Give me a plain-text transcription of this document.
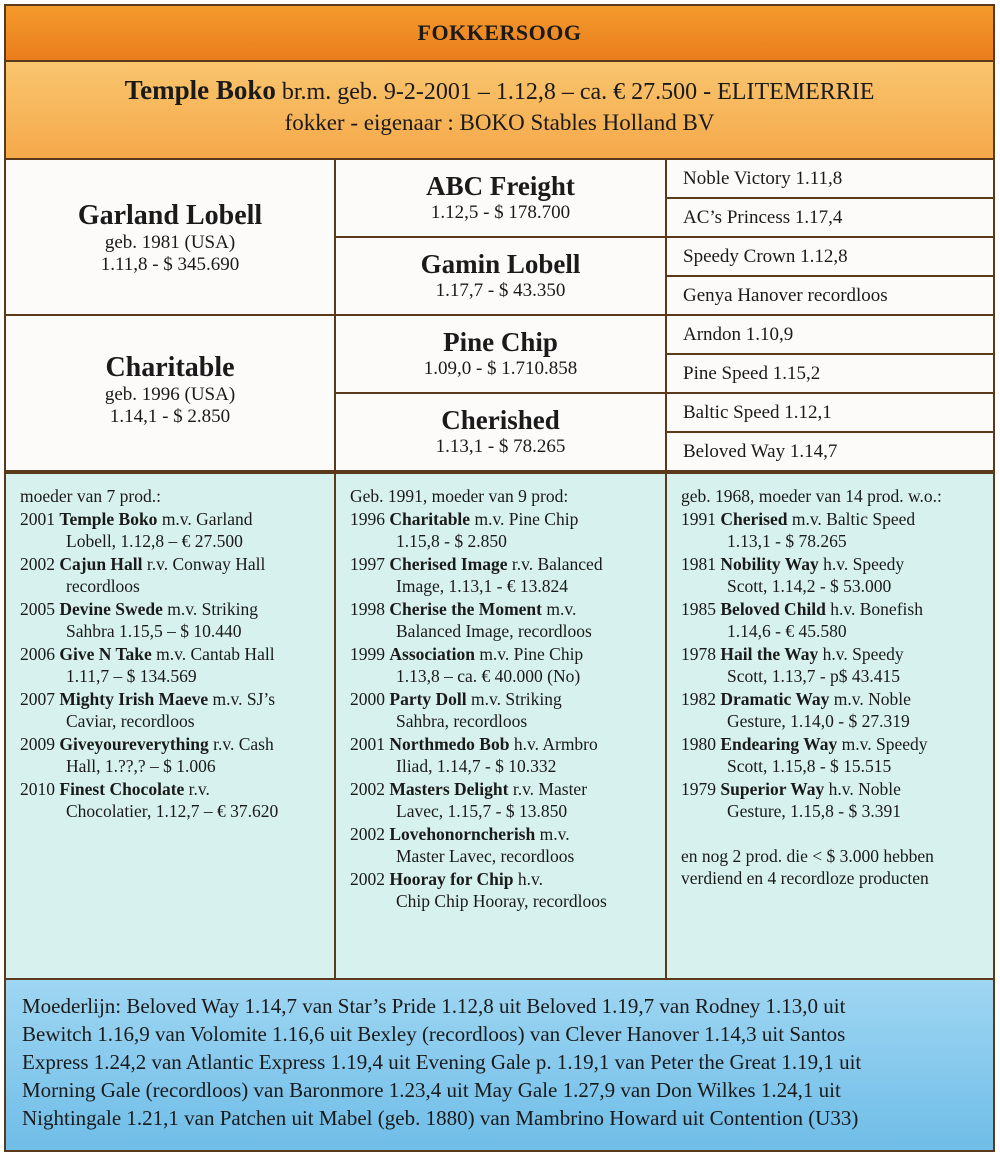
FOKKERSOOG
Temple Boko br.m. geb. 9-2-2001 – 1.12,8 – ca. € 27.500 - ELITEMERRIE
fokker - eigenaar : BOKO Stables Holland BV
Garland Lobell
geb. 1981 (USA)
1.11,8 - $ 345.690
Charitable
geb. 1996 (USA)
1.14,1 - $ 2.850
ABC Freight
1.12,5 - $ 178.700
Gamin Lobell
1.17,7 - $ 43.350
Pine Chip
1.09,0 - $ 1.710.858
Cherished
1.13,1 - $ 78.265
Noble Victory 1.11,8
AC’s Princess 1.17,4
Speedy Crown 1.12,8
Genya Hanover recordloos
Arndon 1.10,9
Pine Speed 1.15,2
Baltic Speed 1.12,1
Beloved Way 1.14,7
moeder van 7 prod.:
2001 Temple Boko m.v. Garland
Lobell, 1.12,8 – € 27.500
2002 Cajun Hall r.v. Conway Hall
recordloos
2005 Devine Swede m.v. Striking
Sahbra 1.15,5 – $ 10.440
2006 Give N Take m.v. Cantab Hall
1.11,7 – $ 134.569
2007 Mighty Irish Maeve m.v. SJ’s
Caviar, recordloos
2009 Giveyoureverything r.v. Cash
Hall, 1.??,? – $ 1.006
2010 Finest Chocolate r.v.
Chocolatier, 1.12,7 – € 37.620
Geb. 1991, moeder van 9 prod:
1996 Charitable m.v. Pine Chip
1.15,8 - $ 2.850
1997 Cherised Image r.v. Balanced
Image, 1.13,1 - € 13.824
1998 Cherise the Moment m.v.
Balanced Image, recordloos
1999 Association m.v. Pine Chip
1.13,8 – ca. € 40.000 (No)
2000 Party Doll m.v. Striking
Sahbra, recordloos
2001 Northmedo Bob h.v. Armbro
Iliad, 1.14,7 - $ 10.332
2002 Masters Delight r.v. Master
Lavec, 1.15,7 - $ 13.850
2002 Lovehonorncherish m.v.
Master Lavec, recordloos
2002 Hooray for Chip h.v.
Chip Chip Hooray, recordloos
geb. 1968, moeder van 14 prod. w.o.:
1991 Cherised m.v. Baltic Speed
1.13,1 - $ 78.265
1981 Nobility Way h.v. Speedy
Scott, 1.14,2 - $ 53.000
1985 Beloved Child h.v. Bonefish
1.14,6 - € 45.580
1978 Hail the Way h.v. Speedy
Scott, 1.13,7 - p$ 43.415
1982 Dramatic Way m.v. Noble
Gesture, 1.14,0 - $ 27.319
1980 Endearing Way m.v. Speedy
Scott, 1.15,8 - $ 15.515
1979 Superior Way h.v. Noble
Gesture, 1.15,8 - $ 3.391
en nog 2 prod. die < $ 3.000 hebben
verdiend en 4 recordloze producten
Moederlijn: Beloved Way 1.14,7 van Star’s Pride 1.12,8 uit Beloved 1.19,7 van Rodney 1.13,0 uit
Bewitch 1.16,9 van Volomite 1.16,6 uit Bexley (recordloos) van Clever Hanover 1.14,3 uit Santos
Express 1.24,2 van Atlantic Express 1.19,4 uit Evening Gale p. 1.19,1 van Peter the Great 1.19,1 uit
Morning Gale (recordloos) van Baronmore 1.23,4 uit May Gale 1.27,9 van Don Wilkes 1.24,1 uit
Nightingale 1.21,1 van Patchen uit Mabel (geb. 1880) van Mambrino Howard uit Contention (U33)
